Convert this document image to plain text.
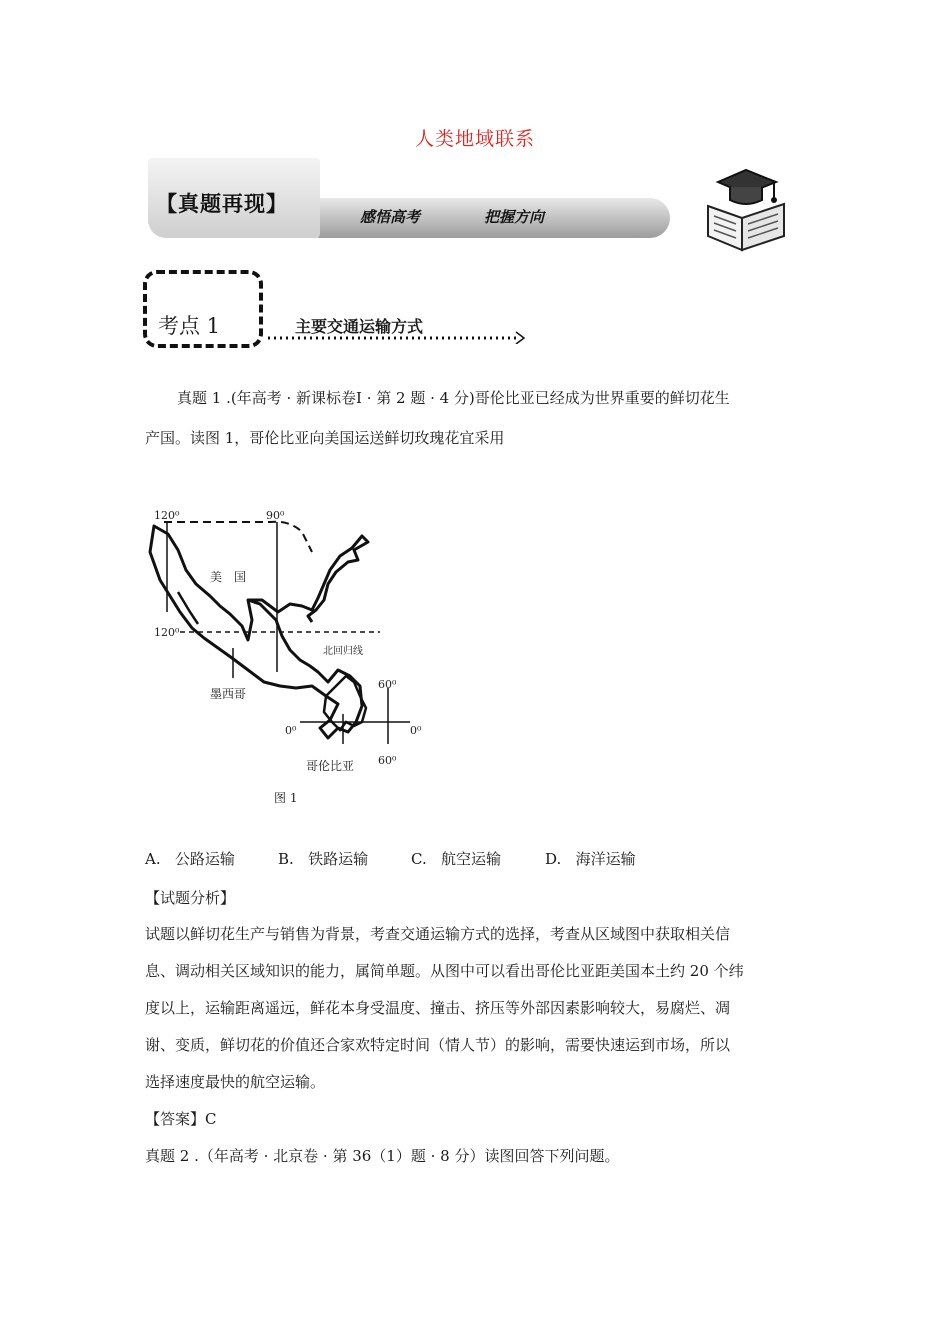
人类地域联系
【真题再现】
感悟高考	把握方向
考点 1	主要交通运输方式
真题 1 .(年高考 · 新课标卷Ⅰ · 第 2 题 · 4 分)哥伦比亚已经成为世界重要的鲜切花生
产国。读图 1，哥伦比亚向美国运送鲜切玫瑰花宜采用
120⁰	90⁰
美　国
120⁰
北回归线
墨西哥
60⁰
0⁰	0⁰
哥伦比亚 60⁰
图 1
A. 公路运输	B. 铁路运输	C. 航空运输	D. 海洋运输
【试题分析】
试题以鲜切花生产与销售为背景，考查交通运输方式的选择，考查从区域图中获取相关信
息、调动相关区域知识的能力，属简单题。从图中可以看出哥伦比亚距美国本土约 20 个纬
度以上，运输距离遥远，鲜花本身受温度、撞击、挤压等外部因素影响较大，易腐烂、凋
谢、变质，鲜切花的价值还合家欢特定时间（情人节）的影响，需要快速运到市场，所以
选择速度最快的航空运输。
【答案】C
真题 2 .（年高考 · 北京卷 · 第 36（1）题 · 8 分）读图回答下列问题。
